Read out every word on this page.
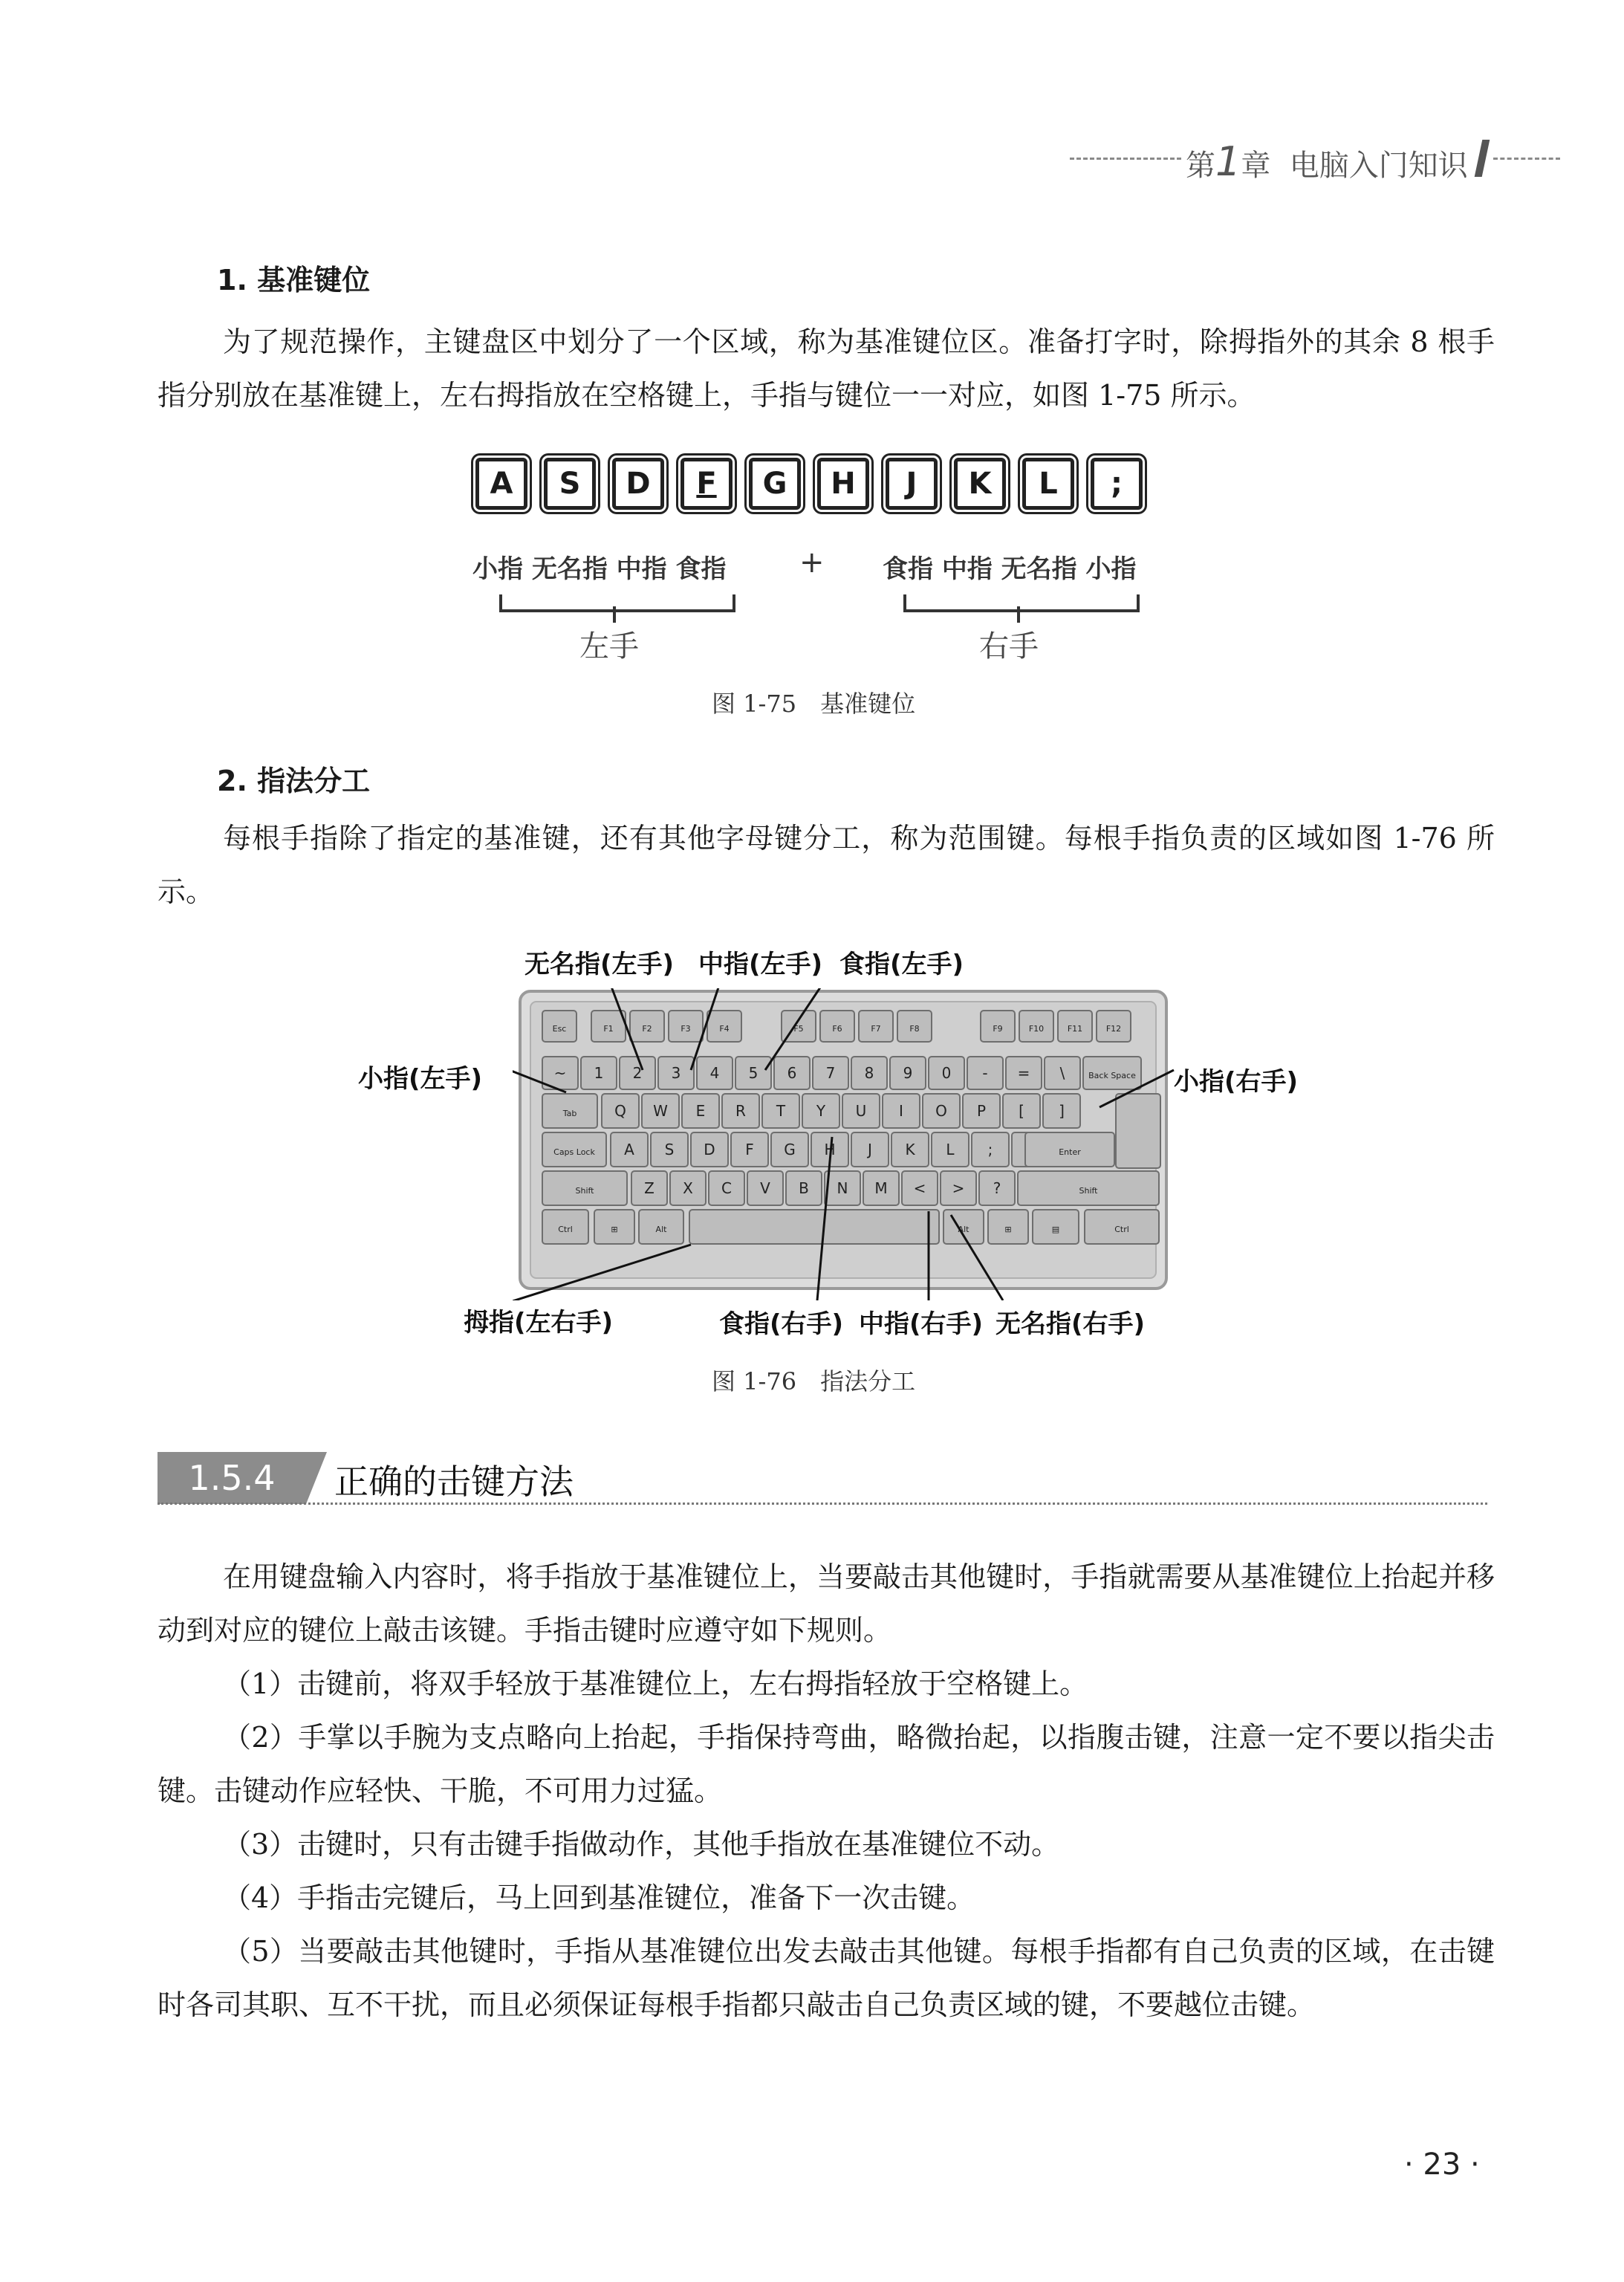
第1章 电脑入门知识
1. 基准键位
为了规范操作，主键盘区中划分了一个区域，称为基准键位区。准备打字时，除拇指外的其余 8 根手指分别放在基准键上，左右拇指放在空格键上，手指与键位一一对应，如图 1-75 所示。
A	S	D	F	G	H	J	K	L	;
小指 无名指 中指 食指 + 食指 中指 无名指 小指
左手	右手
图 1-75　基准键位
2. 指法分工
每根手指除了指定的基准键，还有其他字母键分工，称为范围键。每根手指负责的区域如图 1-76 所示。
无名指(左手) 中指(左手) 食指(左手)
小指(左手)	小指(右手)
拇指(左右手)	食指(右手) 中指(右手) 无名指(右手)
Esc	F1	F2	F3	F4	F5	F6	F7	F8	F9	F10	F11	F12
~ 1 2 3 4 5 6 7 8 9 0 - = \	Back Space
Tab	Q W E R T Y U I O P [ ]
Caps Lock A S D F G H J K L ;	Enter
Shift	Z X C V B N M < > ?	Shift
Ctrl	⊞	Alt	Alt	⊞	▤	Ctrl
图 1-76　指法分工
1.5.4	正确的击键方法
在用键盘输入内容时，将手指放于基准键位上，当要敲击其他键时，手指就需要从基准键位上抬起并移动到对应的键位上敲击该键。手指击键时应遵守如下规则。
（1）击键前，将双手轻放于基准键位上，左右拇指轻放于空格键上。
（2）手掌以手腕为支点略向上抬起，手指保持弯曲，略微抬起，以指腹击键，注意一定不要以指尖击键。击键动作应轻快、干脆，不可用力过猛。
（3）击键时，只有击键手指做动作，其他手指放在基准键位不动。
（4）手指击完键后，马上回到基准键位，准备下一次击键。
（5）当要敲击其他键时，手指从基准键位出发去敲击其他键。每根手指都有自己负责的区域，在击键时各司其职、互不干扰，而且必须保证每根手指都只敲击自己负责区域的键，不要越位击键。
· 23 ·
